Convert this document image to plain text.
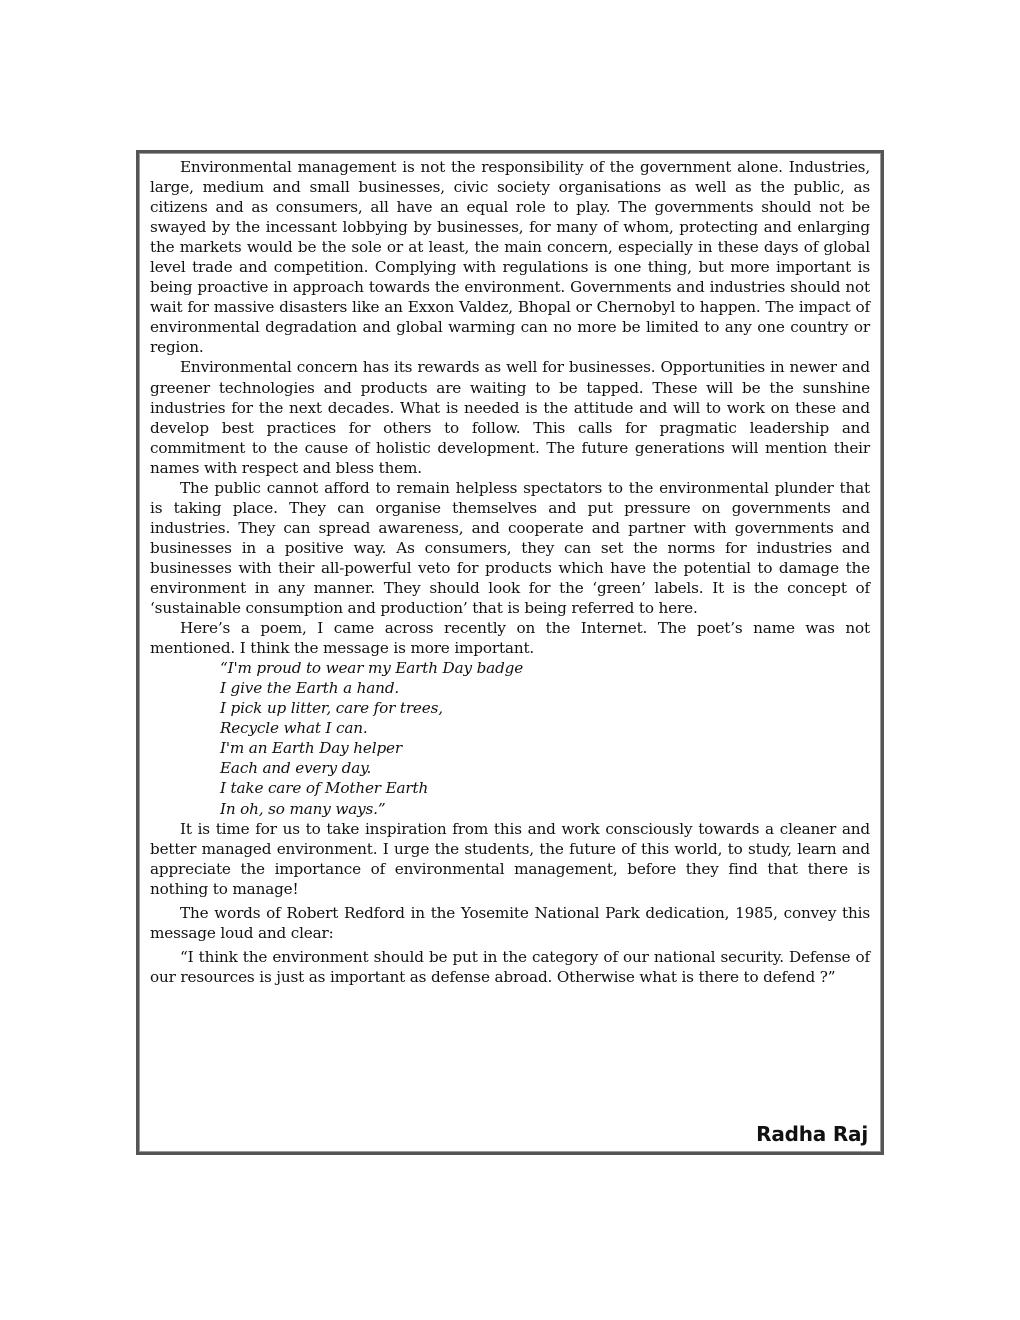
Environmental management is not the responsibility of the government alone. Industries, large, medium and small businesses, civic society organisations as well as the public, as citizens and as consumers, all have an equal role to play. The governments should not be swayed by the incessant lobbying by businesses, for many of whom, protecting and enlarging the markets would be the sole or at least, the main concern, especially in these days of global level trade and competition. Complying with regulations is one thing, but more important is being proactive in approach towards the environment. Governments and industries should not wait for massive disasters like an Exxon Valdez, Bhopal or Chernobyl to happen. The impact of environmental degradation and global warming can no more be limited to any one country or region.

Environmental concern has its rewards as well for businesses. Opportunities in newer and greener technologies and products are waiting to be tapped. These will be the sunshine industries for the next decades. What is needed is the attitude and will to work on these and develop best practices for others to follow. This calls for pragmatic leadership and commitment to the cause of holistic development. The future generations will mention their names with respect and bless them.

The public cannot afford to remain helpless spectators to the environmental plunder that is taking place. They can organise themselves and put pressure on governments and industries. They can spread awareness, and cooperate and partner with governments and businesses in a positive way. As consumers, they can set the norms for industries and businesses with their all-powerful veto for products which have the potential to damage the environment in any manner. They should look for the ‘green’ labels. It is the concept of ‘sustainable consumption and production’ that is being referred to here.

Here’s a poem, I came across recently on the Internet. The poet’s name was not mentioned. I think the message is more important.

“I'm proud to wear my Earth Day badge
I give the Earth a hand.
I pick up litter, care for trees,
Recycle what I can.
I'm an Earth Day helper
Each and every day.
I take care of Mother Earth
In oh, so many ways.”

It is time for us to take inspiration from this and work consciously towards a cleaner and better managed environment. I urge the students, the future of this world, to study, learn and appreciate the importance of environmental management, before they find that there is nothing to manage!

The words of Robert Redford in the Yosemite National Park dedication, 1985, convey this message loud and clear:

“I think the environment should be put in the category of our national security. Defense of our resources is just as important as defense abroad. Otherwise what is there to defend ?”

Radha Raj
